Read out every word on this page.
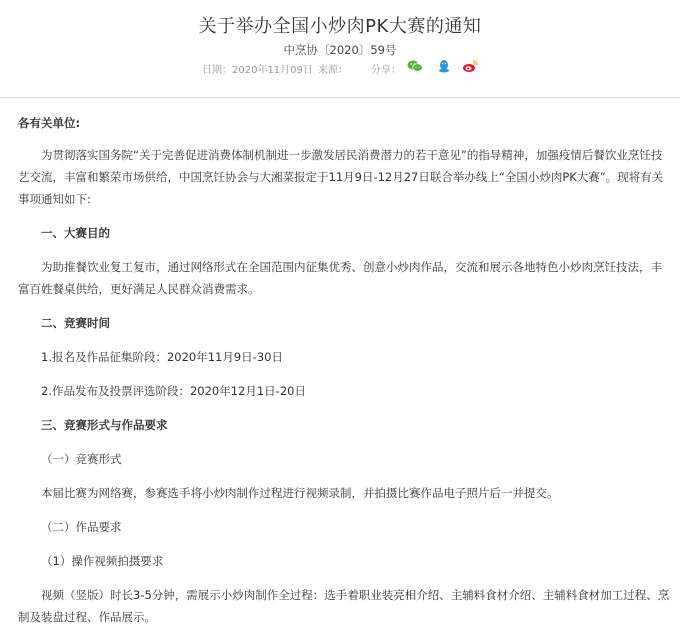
关于举办全国小炒肉PK大赛的通知
中烹协〔2020〕59号
日期：2020年11月09日 来源： 分享：

各有关单位:

为贯彻落实国务院“关于完善促进消费体制机制进一步激发居民消费潜力的若干意见”的指导精神，加强疫情后餐饮业烹饪技艺交流，丰富和繁荣市场供给，中国烹饪协会与大湘菜报定于11月9日-12月27日联合举办线上“全国小炒肉PK大赛”。现将有关事项通知如下:

一、大赛目的

为助推餐饮业复工复市，通过网络形式在全国范围内征集优秀、创意小炒肉作品，交流和展示各地特色小炒肉烹饪技法，丰富百姓餐桌供给，更好满足人民群众消费需求。

二、竞赛时间

1.报名及作品征集阶段：2020年11月9日-30日

2.作品发布及投票评选阶段：2020年12月1日-20日

三、竞赛形式与作品要求

（一）竞赛形式

本届比赛为网络赛，参赛选手将小炒肉制作过程进行视频录制，并拍摄比赛作品电子照片后一并提交。

（二）作品要求

（1）操作视频拍摄要求

视频（竖版）时长3-5分钟，需展示小炒肉制作全过程：选手着职业装亮相介绍、主辅料食材介绍、主辅料食材加工过程、烹制及装盘过程、作品展示。
